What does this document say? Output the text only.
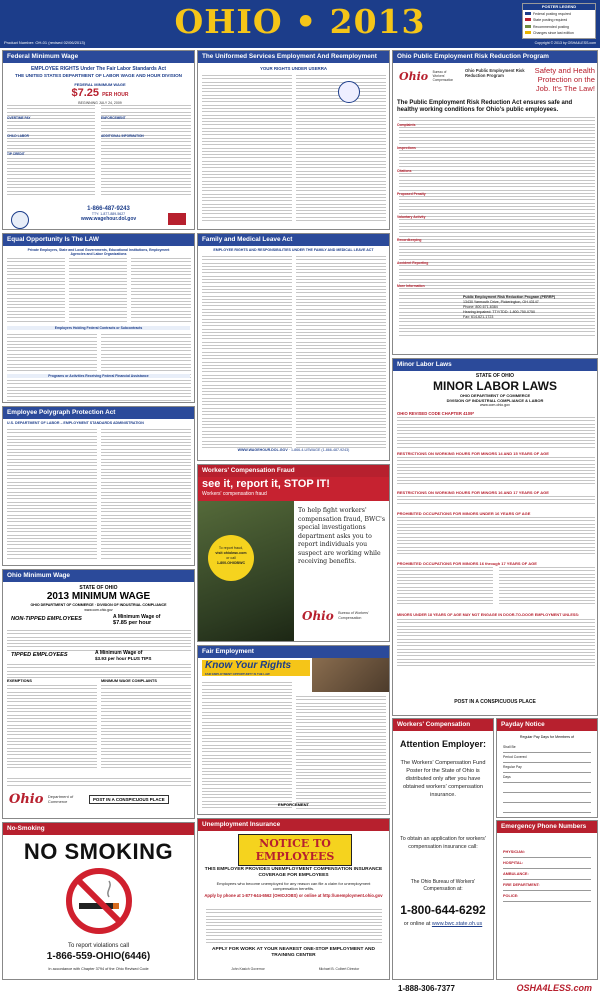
OHIO • 2013
Product Number: OH-01 (revised 02/06/2013)	Copyright © 2013 by OSHA4LESS.com
POSTER LEGEND
Federal posting required
State posting required
Recommended posting
Changes since last edition
Federal Minimum Wage
EMPLOYEE RIGHTS Under The Fair Labor Standards Act
THE UNITED STATES DEPARTMENT OF LABOR WAGE AND HOUR DIVISION
FEDERAL MINIMUM WAGE
$7.25 PER HOUR
BEGINNING JULY 24, 2009
OVERTIME PAY
CHILD LABOR
TIP CREDIT
ENFORCEMENT
ADDITIONAL INFORMATION
1-866-487-9243
TTY: 1-877-889-5627
www.wagehour.dol.gov
The Uniformed Services Employment And Reemployment Rights Act	YOUR RIGHTS UNDER USERRA
Ohio Public Employment Risk Reduction Program
Ohio Bureau of Workers' Compensation
Ohio Public Employment Risk Reduction Program
Safety and Health Protection on the Job. It's The Law!
The Public Employment Risk Reduction Act ensures safe and healthy working conditions for Ohio's public employees.
Complaints
Inspections
Citations
Proposed Penalty
Voluntary Activity
Recordkeeping
Accident Reporting
More Information
Public Employment Risk Reduction Program (PERRP)
13430 Yarmouth Drive, Pickerington, OH 43147
Phone: 800-671-6384
Hearing impaired: TTY/TDD: 1-800-750-0750
Fax: 614-621-1723
Equal Opportunity Is The LAW
Private Employers, State and Local Governments, Educational Institutions, Employment Agencies and Labor Organizations
Employers Holding Federal Contracts or Subcontracts
Programs or Activities Receiving Federal Financial Assistance
Family and Medical Leave Act
EMPLOYEE RIGHTS AND RESPONSIBILITIES UNDER THE FAMILY AND MEDICAL LEAVE ACT
WWW.WAGEHOUR.DOL.GOV · 1-866-4-USWAGE (1-866-487-9243)
Employee Polygraph Protection Act
U.S. DEPARTMENT OF LABOR – EMPLOYMENT STANDARDS ADMINISTRATION
Workers' Compensation Fraud
see it, report it, STOP IT!
Workers' compensation fraud
To report fraud,
visit ohiobwc.com
or call
1-800-OHIOBWC
To help fight workers' compensation fraud, BWC's special investigations department asks you to report individuals you suspect are working while receiving benefits.
Ohio Bureau of Workers' Compensation
Minor Labor Laws
STATE OF OHIO
MINOR LABOR LAWS
OHIO DEPARTMENT OF COMMERCE
DIVISION OF INDUSTRIAL COMPLIANCE & LABOR
www.com.ohio.gov
OHIO REVISED CODE CHAPTER 4109*
RESTRICTIONS ON WORKING HOURS FOR MINORS 14 AND 15 YEARS OF AGE
RESTRICTIONS ON WORKING HOURS FOR MINORS 16 AND 17 YEARS OF AGE
PROHIBITED OCCUPATIONS FOR MINORS UNDER 16 YEARS OF AGE
PROHIBITED OCCUPATIONS FOR MINORS 16 through 17 YEARS OF AGE
MINORS UNDER 18 YEARS OF AGE MAY NOT ENGAGE IN DOOR-TO-DOOR EMPLOYMENT UNLESS:
POST IN A CONSPICUOUS PLACE
Ohio Minimum Wage
STATE OF OHIO
2013 MINIMUM WAGE
OHIO DEPARTMENT OF COMMERCE · DIVISION OF INDUSTRIAL COMPLIANCE
www.com.ohio.gov
NON-TIPPED EMPLOYEES	A Minimum Wage of
$7.85 per hour
TIPPED EMPLOYEES	A Minimum Wage of
$3.93 per hour PLUS TIPS
EXEMPTIONS	MINIMUM WAGE COMPLAINTS
Ohio Department of Commerce	POST IN A CONSPICUOUS PLACE
Fair Employment
Know Your Rights
FAIR EMPLOYMENT OPPORTUNITY IS THE LAW
ENFORCEMENT
Workers' Compensation
Attention Employer:
The Workers' Compensation Fund Poster for the State of Ohio is distributed only after you have obtained workers' compensation insurance.
To obtain an application for workers' compensation insurance call:
The Ohio Bureau of Workers' Compensation at:
1-800-644-6292
or online at www.bwc.state.oh.us
Payday Notice
Regular Pay Days for Members of
Shall Be
Period Covered
Regular Pay
Days
Emergency Phone Numbers
PHYSICIAN:
HOSPITAL:
AMBULANCE:
FIRE DEPARTMENT:
POLICE:
No-Smoking
NO SMOKING
To report violations call
1-866-559-OHIO(6446)
In accordance with Chapter 3794 of the Ohio Revised Code
Unemployment Insurance
NOTICE TO EMPLOYEES
THIS EMPLOYER PROVIDES UNEMPLOYMENT COMPENSATION INSURANCE COVERAGE FOR EMPLOYEES
Employees who become unemployed for any reason can file a claim for unemployment compensation benefits.
Apply by phone at 1-877-644-6562 (OHIOJOBS) or online at http://unemployment.ohio.gov
APPLY FOR WORK AT YOUR NEAREST ONE-STOP EMPLOYMENT AND TRAINING CENTER
John Kasich Governor	Michael B. Colbert Director
1-888-306-7377	OSHA4LESS.com
